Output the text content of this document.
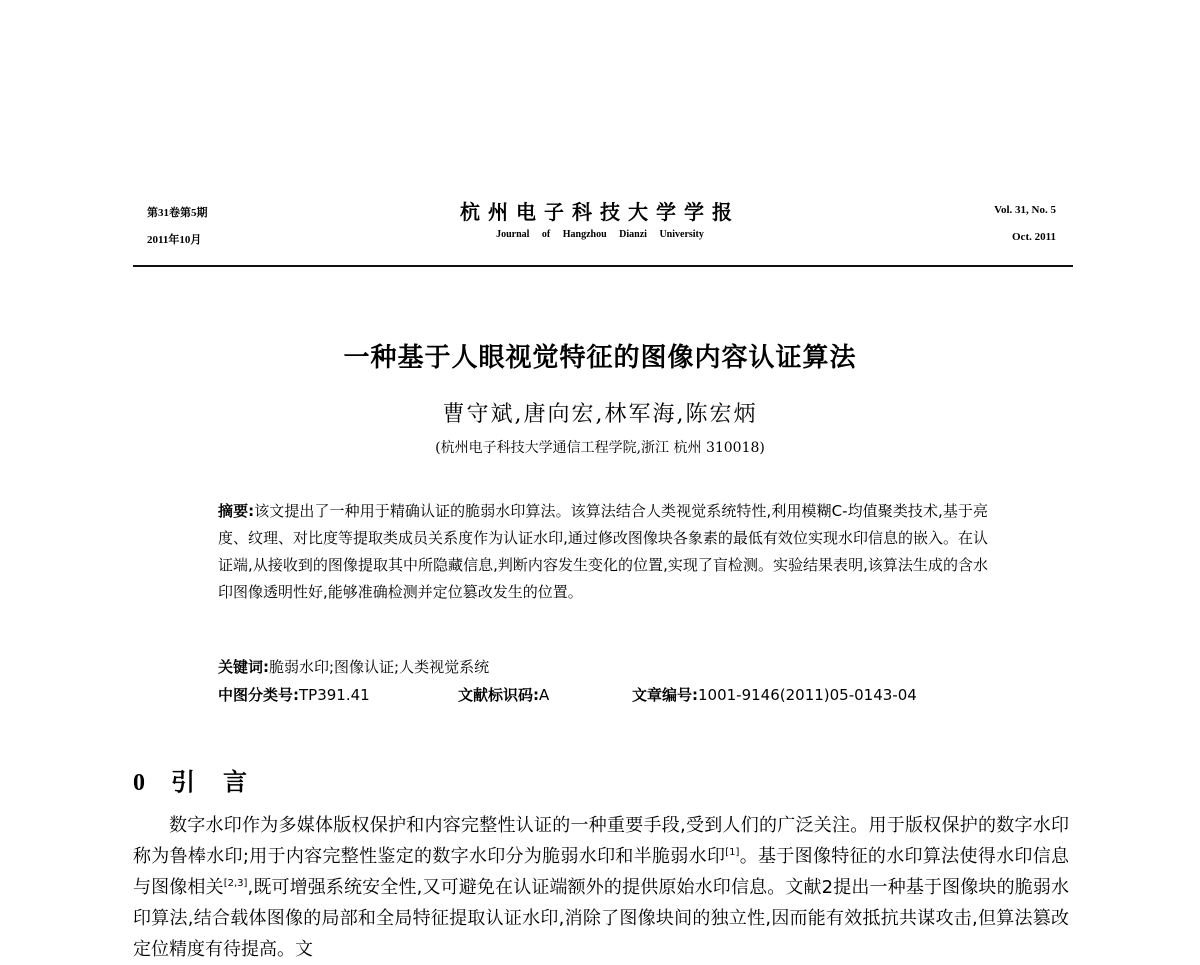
第31卷第5期
2011年10月
杭州电子科技大学学报
Journal of Hangzhou Dianzi University
Vol. 31, No. 5
Oct. 2011
一种基于人眼视觉特征的图像内容认证算法
曹守斌,唐向宏,林军海,陈宏炳
(杭州电子科技大学通信工程学院,浙江 杭州 310018)
摘要:该文提出了一种用于精确认证的脆弱水印算法。该算法结合人类视觉系统特性,利用模糊C-均值聚类技术,基于亮度、纹理、对比度等提取类成员关系度作为认证水印,通过修改图像块各象素的最低有效位实现水印信息的嵌入。在认证端,从接收到的图像提取其中所隐藏信息,判断内容发生变化的位置,实现了盲检测。实验结果表明,该算法生成的含水印图像透明性好,能够准确检测并定位篡改发生的位置。
关键词:脆弱水印;图像认证;人类视觉系统
中图分类号:TP391.41	文献标识码:A	文章编号:1001-9146(2011)05-0143-04
0 引言
数字水印作为多媒体版权保护和内容完整性认证的一种重要手段,受到人们的广泛关注。用于版权保护的数字水印称为鲁棒水印;用于内容完整性鉴定的数字水印分为脆弱水印和半脆弱水印[1]。基于图像特征的水印算法使得水印信息与图像相关[2,3],既可增强系统安全性,又可避免在认证端额外的提供原始水印信息。文献2提出一种基于图像块的脆弱水印算法,结合载体图像的局部和全局特征提取认证水印,消除了图像块间的独立性,因而能有效抵抗共谋攻击,但算法篡改定位精度有待提高。文
